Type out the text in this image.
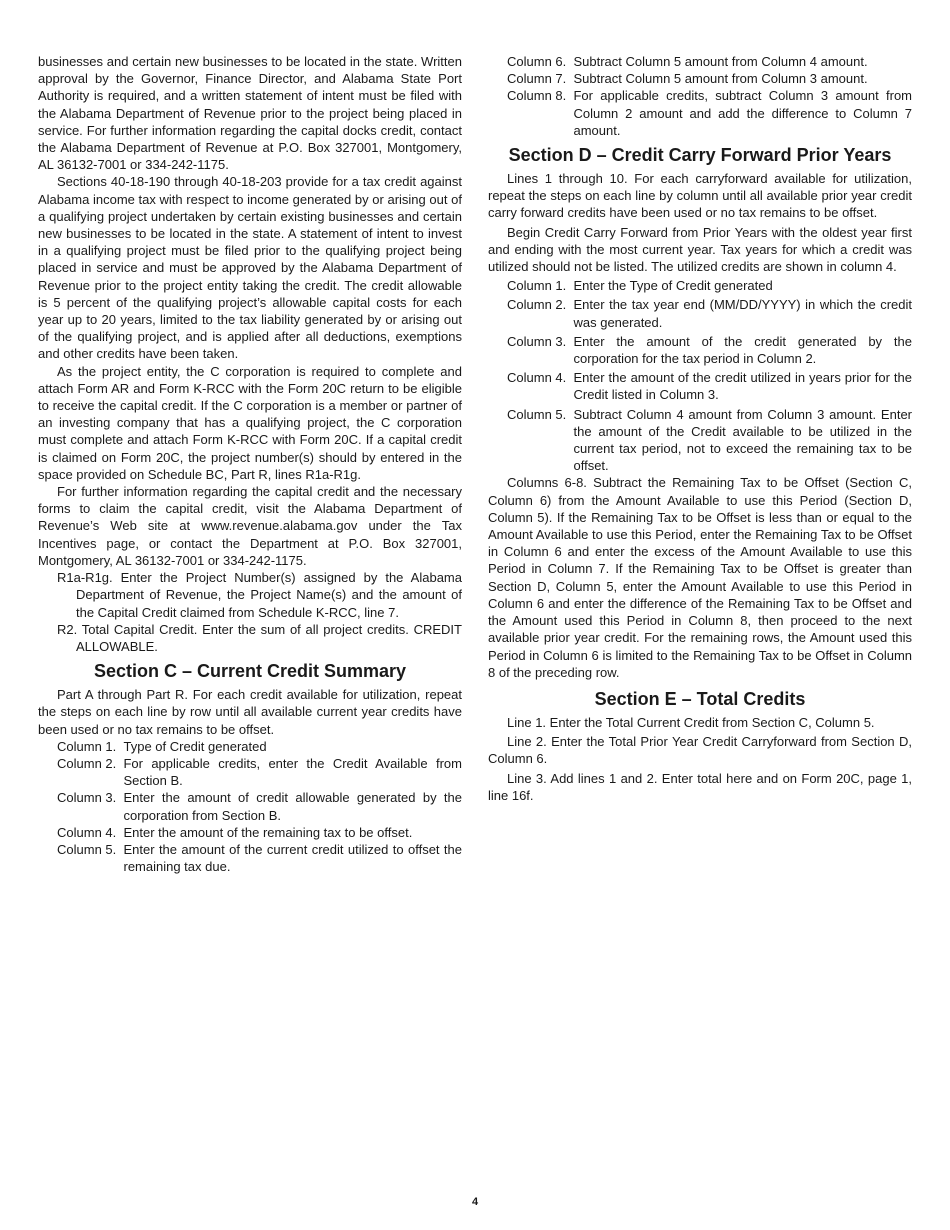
businesses and certain new businesses to be located in the state. Written approval by the Governor, Finance Director, and Alabama State Port Authority is required, and a written statement of intent must be filed with the Alabama Department of Revenue prior to the project being placed in service. For further information regarding the capital docks credit, contact the Alabama Department of Revenue at P.O. Box 327001, Montgomery, AL 36132-7001 or 334-242-1175.

Sections 40-18-190 through 40-18-203 provide for a tax credit against Alabama income tax with respect to income generated by or arising out of a qualifying project undertaken by certain existing businesses and certain new businesses to be located in the state. A statement of intent to invest in a qualifying project must be filed prior to the qualifying project being placed in service and must be approved by the Alabama Department of Revenue prior to the project entity taking the credit. The credit allowable is 5 percent of the qualifying project’s allowable capital costs for each year up to 20 years, limited to the tax liability generated by or arising out of the qualifying project, and is applied after all deductions, exemptions and other credits have been taken.

As the project entity, the C corporation is required to complete and attach Form AR and Form K-RCC with the Form 20C return to be eligible to receive the capital credit. If the C corporation is a member or partner of an investing company that has a qualifying project, the C corporation must complete and attach Form K-RCC with Form 20C. If a capital credit is claimed on Form 20C, the project number(s) should by entered in the space provided on Schedule BC, Part R, lines R1a-R1g.

For further information regarding the capital credit and the necessary forms to claim the capital credit, visit the Alabama Department of Revenue’s Web site at www.revenue.alabama.gov under the Tax Incentives page, or contact the Department at P.O. Box 327001, Montgomery, AL 36132-7001 or 334-242-1175.

R1a-R1g. Enter the Project Number(s) assigned by the Alabama Department of Revenue, the Project Name(s) and the amount of the Capital Credit claimed from Schedule K-RCC, line 7.

R2. Total Capital Credit. Enter the sum of all project credits. CREDIT ALLOWABLE.

Section C – Current Credit Summary

Part A through Part R. For each credit available for utilization, repeat the steps on each line by row until all available current year credits have been used or no tax remains to be offset.

Column 1. Type of Credit generated
Column 2. For applicable credits, enter the Credit Available from Section B.
Column 3. Enter the amount of credit allowable generated by the corporation from Section B.
Column 4. Enter the amount of the remaining tax to be offset.
Column 5. Enter the amount of the current credit utilized to offset the remaining tax due.
Column 6. Subtract Column 5 amount from Column 4 amount.
Column 7. Subtract Column 5 amount from Column 3 amount.
Column 8. For applicable credits, subtract Column 3 amount from Column 2 amount and add the difference to Column 7 amount.
Section D – Credit Carry Forward Prior Years

Lines 1 through 10. For each carryforward available for utilization, repeat the steps on each line by column until all available prior year credit carry forward credits have been used or no tax remains to be offset.

Begin Credit Carry Forward from Prior Years with the oldest year first and ending with the most current year. Tax years for which a credit was utilized should not be listed. The utilized credits are shown in column 4.

Column 1. Enter the Type of Credit generated
Column 2. Enter the tax year end (MM/DD/YYYY) in which the credit was generated.
Column 3. Enter the amount of the credit generated by the corporation for the tax period in Column 2.
Column 4. Enter the amount of the credit utilized in years prior for the Credit listed in Column 3.
Column 5. Subtract Column 4 amount from Column 3 amount. Enter the amount of the Credit available to be utilized in the current tax period, not to exceed the remaining tax to be offset.

Columns 6-8. Subtract the Remaining Tax to be Offset (Section C, Column 6) from the Amount Available to use this Period (Section D, Column 5). If the Remaining Tax to be Offset is less than or equal to the Amount Available to use this Period, enter the Remaining Tax to be Offset in Column 6 and enter the excess of the Amount Available to use this Period in Column 7. If the Remaining Tax to be Offset is greater than Section D, Column 5, enter the Amount Available to use this Period in Column 6 and enter the difference of the Remaining Tax to be Offset and the Amount used this Period in Column 8, then proceed to the next available prior year credit. For the remaining rows, the Amount used this Period in Column 6 is limited to the Remaining Tax to be Offset in Column 8 of the preceding row.

Section E – Total Credits

Line 1. Enter the Total Current Credit from Section C, Column 5.

Line 2. Enter the Total Prior Year Credit Carryforward from Section D, Column 6.

Line 3. Add lines 1 and 2. Enter total here and on Form 20C, page 1, line 16f.

4
